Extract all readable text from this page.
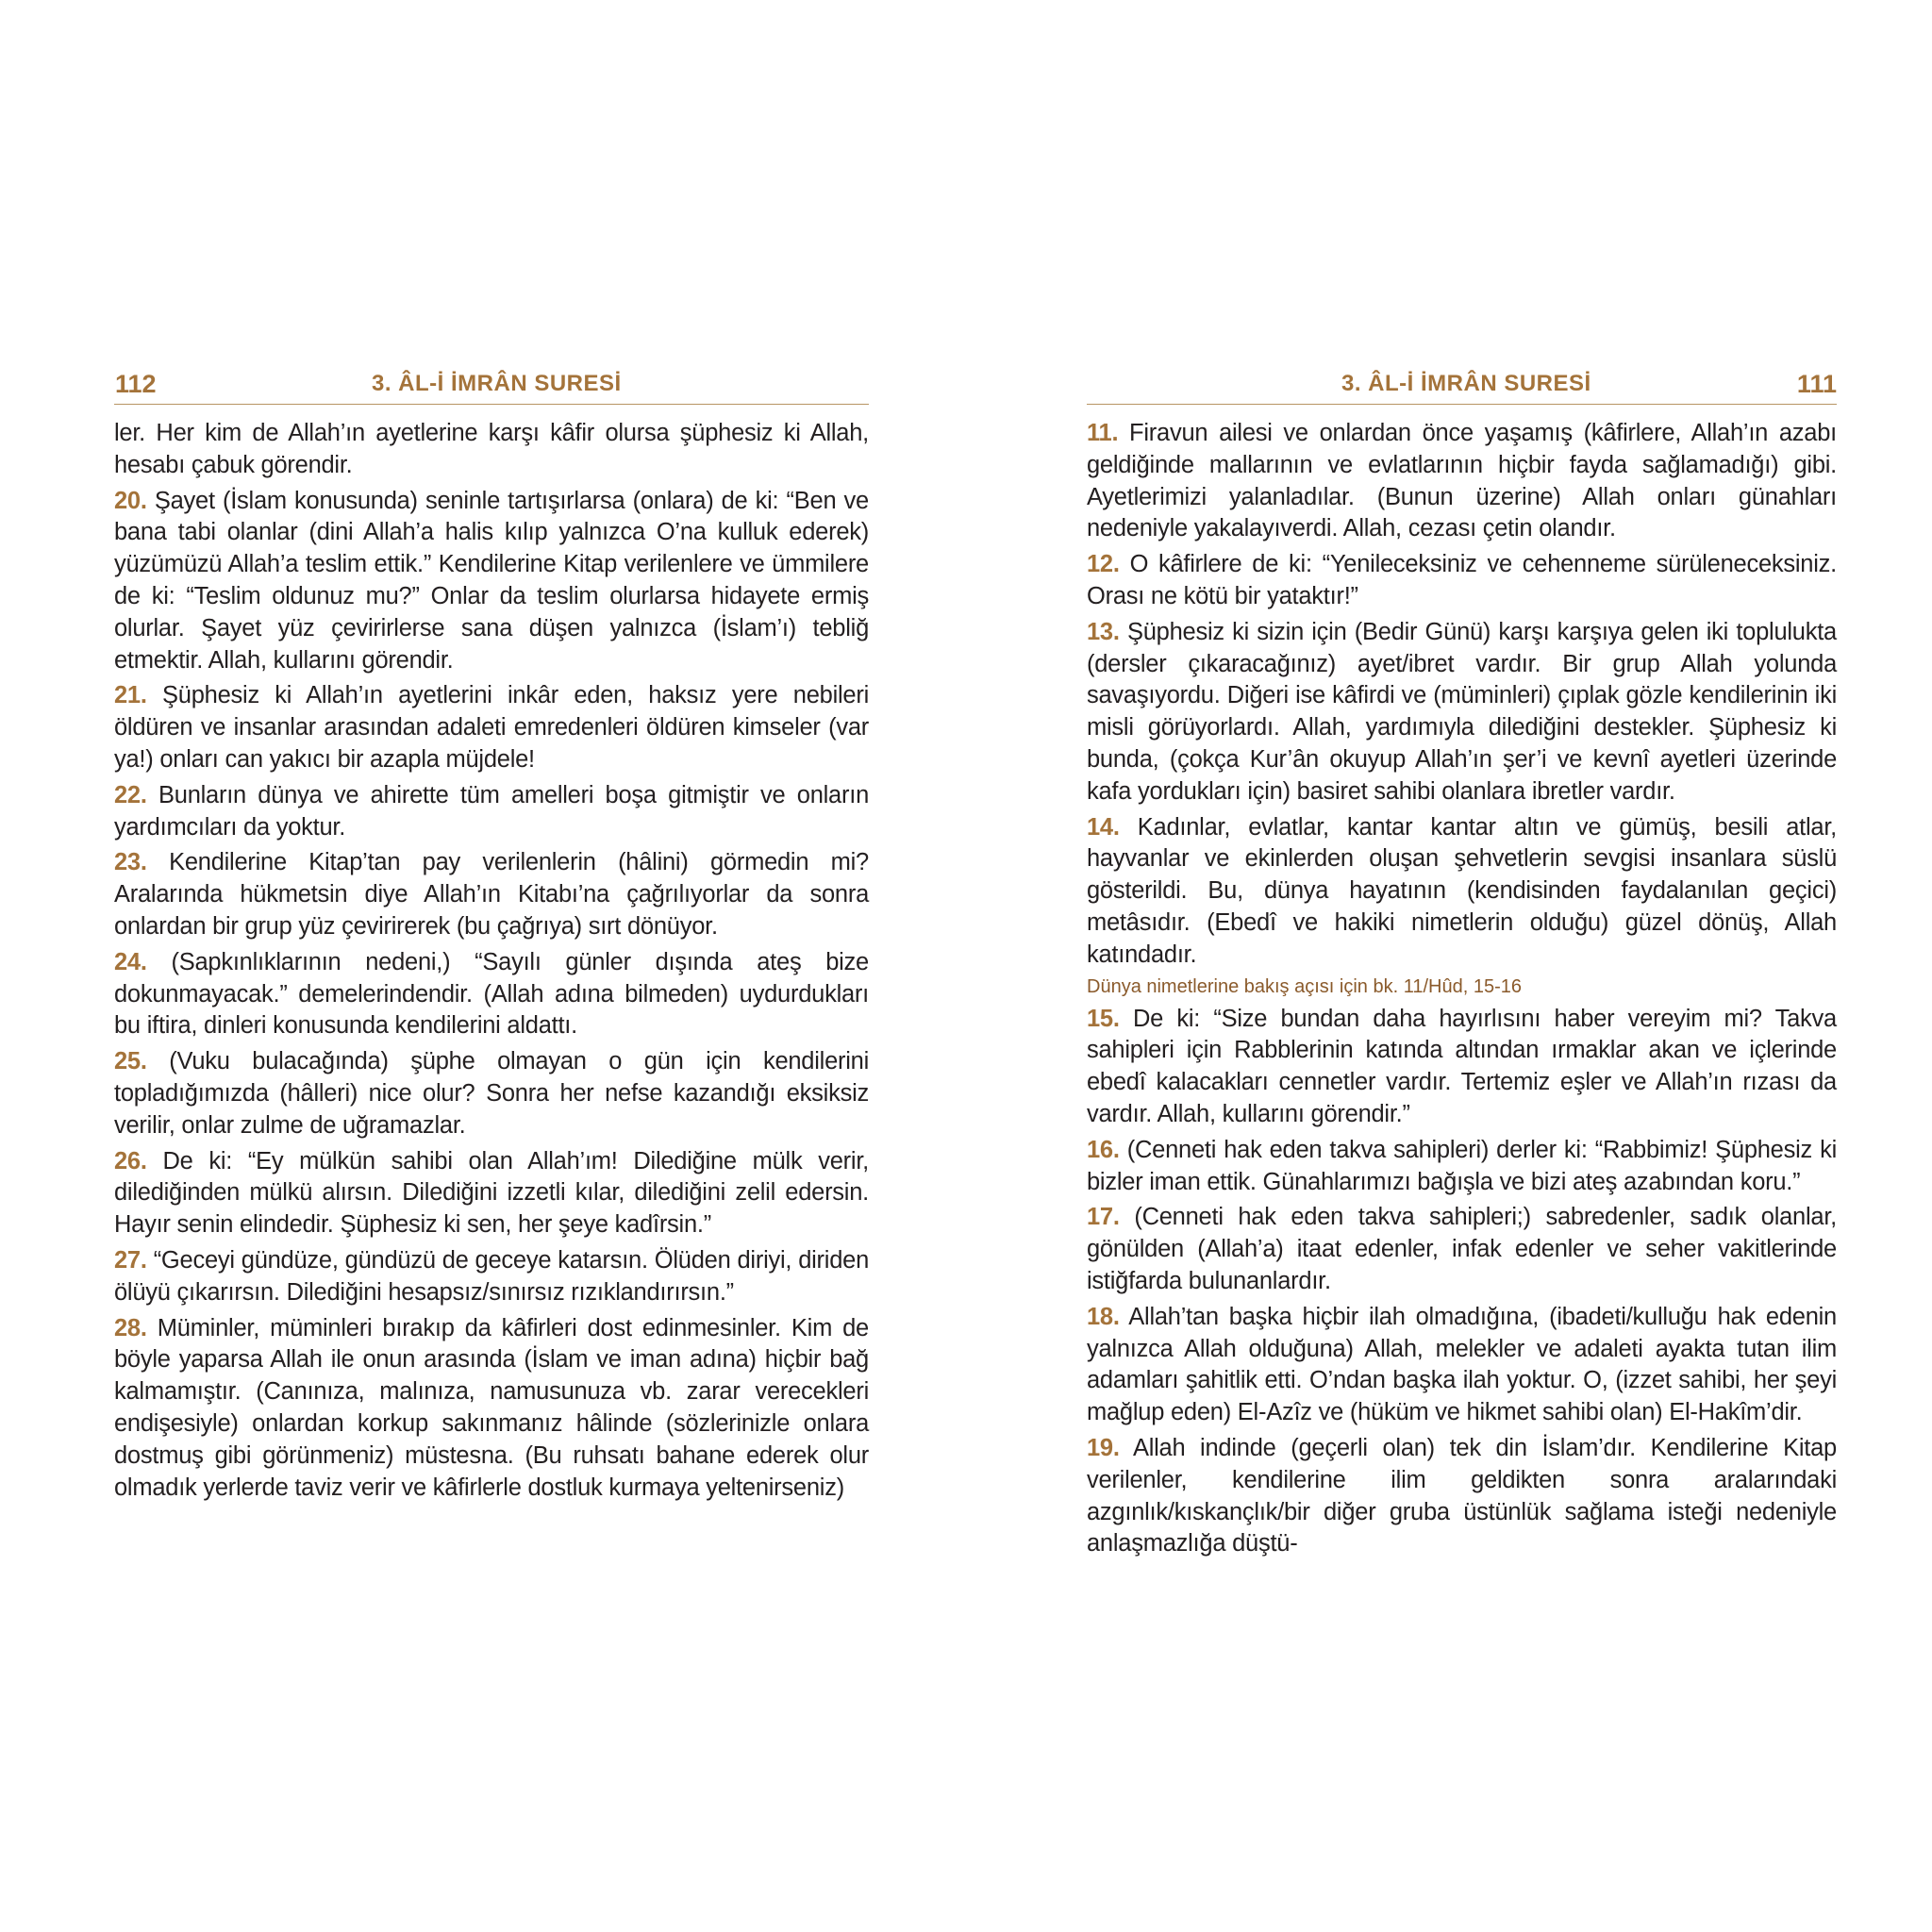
112	3. ÂL-İ İMRÂN SURESİ

ler. Her kim de Allah’ın ayetlerine karşı kâfir olursa şüphesiz ki Allah, hesabı çabuk görendir.

20. Şayet (İslam konusunda) seninle tartışırlarsa (onlara) de ki: “Ben ve bana tabi olanlar (dini Allah’a halis kılıp yalnızca O’na kulluk ederek) yüzümüzü Allah’a teslim ettik.” Kendilerine Kitap verilenlere ve ümmilere de ki: “Teslim oldunuz mu?” Onlar da teslim olurlarsa hidayete ermiş olurlar. Şayet yüz çevirirlerse sana düşen yalnızca (İslam’ı) tebliğ etmektir. Allah, kullarını görendir.

21. Şüphesiz ki Allah’ın ayetlerini inkâr eden, haksız yere nebileri öldüren ve insanlar arasından adaleti emredenleri öldüren kimseler (var ya!) onları can yakıcı bir azapla müjdele!

22. Bunların dünya ve ahirette tüm amelleri boşa gitmiştir ve onların yardımcıları da yoktur.

23. Kendilerine Kitap’tan pay verilenlerin (hâlini) görmedin mi? Aralarında hükmetsin diye Allah’ın Kitabı’na çağrılıyorlar da sonra onlardan bir grup yüz çevirirerek (bu çağrıya) sırt dönüyor.

24. (Sapkınlıklarının nedeni,) “Sayılı günler dışında ateş bize dokunmayacak.” demelerindendir. (Allah adına bilmeden) uydurdukları bu iftira, dinleri konusunda kendilerini aldattı.

25. (Vuku bulacağında) şüphe olmayan o gün için kendilerini topladığımızda (hâlleri) nice olur? Sonra her nefse kazandığı eksiksiz verilir, onlar zulme de uğramazlar.

26. De ki: “Ey mülkün sahibi olan Allah’ım! Dilediğine mülk verir, dilediğinden mülkü alırsın. Dilediğini izzetli kılar, dilediğini zelil edersin. Hayır senin elindedir. Şüphesiz ki sen, her şeye kadîrsin.”

27. “Geceyi gündüze, gündüzü de geceye katarsın. Ölüden diriyi, diriden ölüyü çıkarırsın. Dilediğini hesapsız/sınırsız rızıklandırırsın.”

28. Müminler, müminleri bırakıp da kâfirleri dost edinmesinler. Kim de böyle yaparsa Allah ile onun arasında (İslam ve iman adına) hiçbir bağ kalmamıştır. (Canınıza, malınıza, namusunuza vb. zarar verecekleri endişesiyle) onlardan korkup sakınmanız hâlinde (sözlerinizle onlara dostmuş gibi görünmeniz) müstesna. (Bu ruhsatı bahane ederek olur olmadık yerlerde taviz verir ve kâfirlerle dostluk kurmaya yeltenirseniz)

3. ÂL-İ İMRÂN SURESİ	111

11. Firavun ailesi ve onlardan önce yaşamış (kâfirlere, Allah’ın azabı geldiğinde mallarının ve evlatlarının hiçbir fayda sağlamadığı) gibi. Ayetlerimizi yalanladılar. (Bunun üzerine) Allah onları günahları nedeniyle yakalayıverdi. Allah, cezası çetin olandır.

12. O kâfirlere de ki: “Yenileceksiniz ve cehenneme sürüleneceksiniz. Orası ne kötü bir yataktır!”

13. Şüphesiz ki sizin için (Bedir Günü) karşı karşıya gelen iki toplulukta (dersler çıkaracağınız) ayet/ibret vardır. Bir grup Allah yolunda savaşıyordu. Diğeri ise kâfirdi ve (müminleri) çıplak gözle kendilerinin iki misli görüyorlardı. Allah, yardımıyla dilediğini destekler. Şüphesiz ki bunda, (çokça Kur’ân okuyup Allah’ın şer’i ve kevnî ayetleri üzerinde kafa yordukları için) basiret sahibi olanlara ibretler vardır.

14. Kadınlar, evlatlar, kantar kantar altın ve gümüş, besili atlar, hayvanlar ve ekinlerden oluşan şehvetlerin sevgisi insanlara süslü gösterildi. Bu, dünya hayatının (kendisinden faydalanılan geçici) metâsıdır. (Ebedî ve hakiki nimetlerin olduğu) güzel dönüş, Allah katındadır.

Dünya nimetlerine bakış açısı için bk. 11/Hûd, 15-16

15. De ki: “Size bundan daha hayırlısını haber vereyim mi? Takva sahipleri için Rabblerinin katında altından ırmaklar akan ve içlerinde ebedî kalacakları cennetler vardır. Tertemiz eşler ve Allah’ın rızası da vardır. Allah, kullarını görendir.”

16. (Cenneti hak eden takva sahipleri) derler ki: “Rabbimiz! Şüphesiz ki bizler iman ettik. Günahlarımızı bağışla ve bizi ateş azabından koru.”

17. (Cenneti hak eden takva sahipleri;) sabredenler, sadık olanlar, gönülden (Allah’a) itaat edenler, infak edenler ve seher vakitlerinde istiğfarda bulunanlardır.

18. Allah’tan başka hiçbir ilah olmadığına, (ibadeti/kulluğu hak edenin yalnızca Allah olduğuna) Allah, melekler ve adaleti ayakta tutan ilim adamları şahitlik etti. O’ndan başka ilah yoktur. O, (izzet sahibi, her şeyi mağlup eden) El-Azîz ve (hüküm ve hikmet sahibi olan) El-Hakîm’dir.

19. Allah indinde (geçerli olan) tek din İslam’dır. Kendilerine Kitap verilenler, kendilerine ilim geldikten sonra aralarındaki azgınlık/kıskançlık/bir diğer gruba üstünlük sağlama isteği nedeniyle anlaşmazlığa düştü-
